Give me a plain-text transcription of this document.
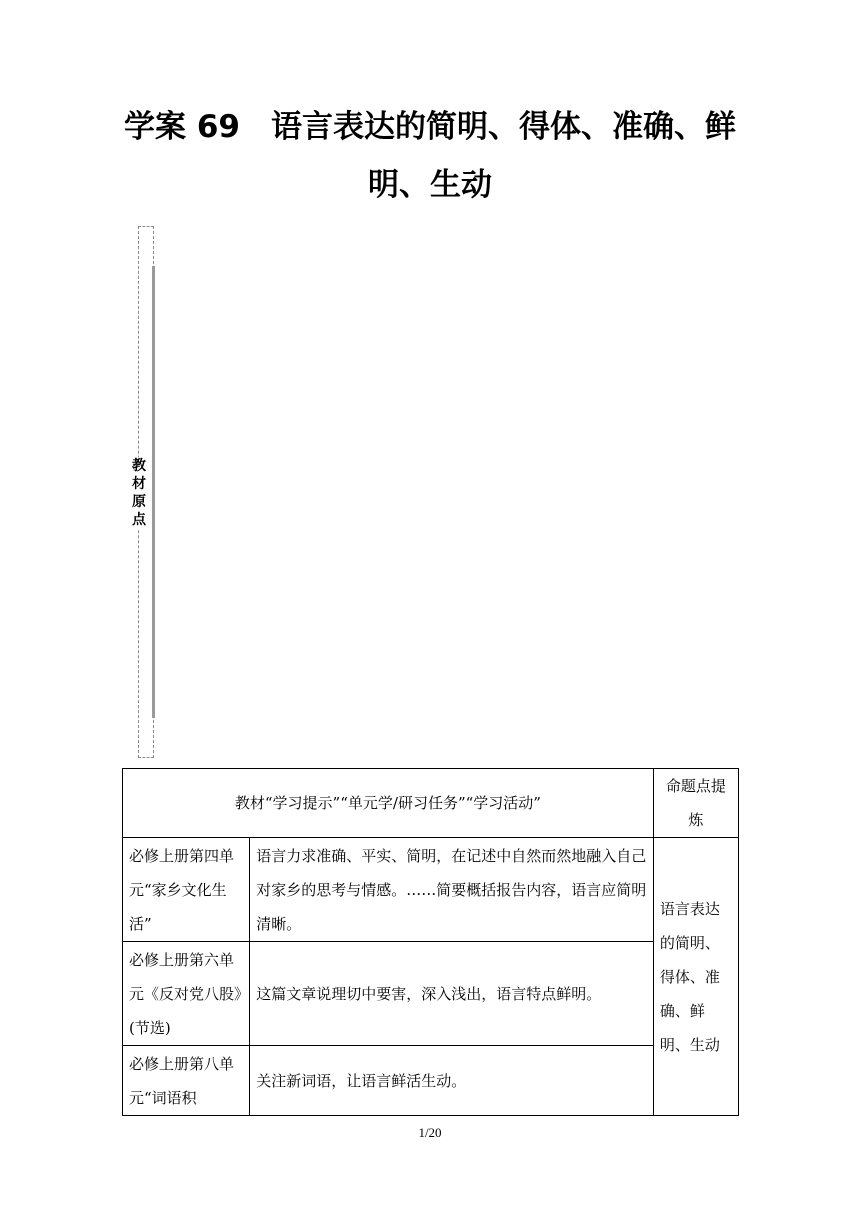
学案 69　语言表达的简明、得体、准确、鲜
明、生动
教
材
原
点
教材“学习提示”“单元学/研习任务”“学习活动”		命题点提炼
必修上册第四单元“家乡文化生活”	语言力求准确、平实、简明，在记述中自然而然地融入自己对家乡的思考与情感。……简要概括报告内容，语言应简明清晰。	语言表达的简明、得体、准确、鲜明、生动
必修上册第六单元《反对党八股》(节选)	这篇文章说理切中要害，深入浅出，语言特点鲜明。	
必修上册第八单元“词语积	关注新词语，让语言鲜活生动。	
1/20
